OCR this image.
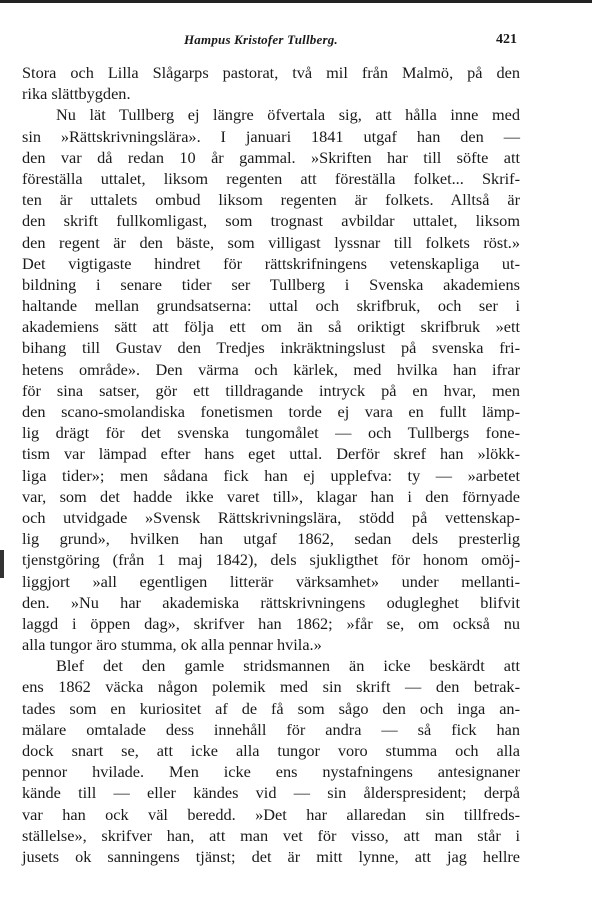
Hampus Kristofer Tullberg.	421
Stora och Lilla Slågarps pastorat, två mil från Malmö, på den
rika slättbygden.
Nu lät Tullberg ej längre öfvertala sig, att hålla inne med
sin »Rättskrivningslära». I januari 1841 utgaf han den —
den var då redan 10 år gammal. »Skriften har till söfte att
föreställa uttalet, liksom regenten att föreställa folket... Skrif-
ten är uttalets ombud liksom regenten är folkets. Alltså är
den skrift fullkomligast, som trognast avbildar uttalet, liksom
den regent är den bäste, som villigast lyssnar till folkets röst.»
Det vigtigaste hindret för rättskrifningens vetenskapliga ut-
bildning i senare tider ser Tullberg i Svenska akademiens
haltande mellan grundsatserna: uttal och skrifbruk, och ser i
akademiens sätt att följa ett om än så oriktigt skrifbruk »ett
bihang till Gustav den Tredjes inkräktningslust på svenska fri-
hetens område». Den värma och kärlek, med hvilka han ifrar
för sina satser, gör ett tilldragande intryck på en hvar, men
den scano-smolandiska fonetismen torde ej vara en fullt lämp-
lig drägt för det svenska tungomålet — och Tullbergs fone-
tism var lämpad efter hans eget uttal. Derför skref han »lökk-
liga tider»; men sådana fick han ej upplefva: ty — »arbetet
var, som det hadde ikke varet till», klagar han i den förnyade
och utvidgade »Svensk Rättskrivningslära, stödd på vettenskap-
lig grund», hvilken han utgaf 1862, sedan dels presterlig
tjenstgöring (från 1 maj 1842), dels sjukligthet för honom omöj-
liggjort »all egentligen litterär värksamhet» under mellanti-
den. »Nu har akademiska rättskrivningens odugleghet blifvit
laggd i öppen dag», skrifver han 1862; »får se, om också nu
alla tungor äro stumma, ok alla pennar hvila.»
Blef det den gamle stridsmannen än icke beskärdt att
ens 1862 väcka någon polemik med sin skrift — den betrak-
tades som en kuriositet af de få som sågo den och inga an-
mälare omtalade dess innehåll för andra — så fick han
dock snart se, att icke alla tungor voro stumma och alla
pennor hvilade. Men icke ens nystafningens antesignaner
kände till — eller kändes vid — sin ålderspresident; derpå
var han ock väl beredd. »Det har allaredan sin tillfreds-
ställelse», skrifver han, att man vet för visso, att man står i
jusets ok sanningens tjänst; det är mitt lynne, att jag hellre
